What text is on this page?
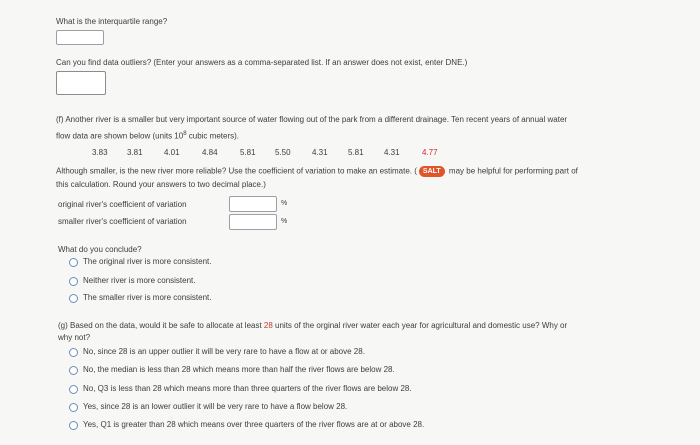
What is the interquartile range?
Can you find data outliers? (Enter your answers as a comma-separated list. If an answer does not exist, enter DNE.)
(f) Another river is a smaller but very important source of water flowing out of the park from a different drainage. Ten recent years of annual water
flow data are shown below (units $10^8$ cubic meters).
3.83	3.81	4.01	4.84	5.81	5.50	4.31	5.81	4.31	4.77
Although smaller, is the new river more reliable? Use the coefficient of variation to make an estimate. ( SALT may be helpful for performing part of
this calculation. Round your answers to two decimal place.)
original river's coefficient of variation	%
smaller river's coefficient of variation	%
What do you conclude?
The original river is more consistent.
Neither river is more consistent.
The smaller river is more consistent.
(g) Based on the data, would it be safe to allocate at least 28 units of the orginal river water each year for agricultural and domestic use? Why or
why not?
No, since 28 is an upper outlier it will be very rare to have a flow at or above 28.
No, the median is less than 28 which means more than half the river flows are below 28.
No, Q3 is less than 28 which means more than three quarters of the river flows are below 28.
Yes, since 28 is an lower outlier it will be very rare to have a flow below 28.
Yes, Q1 is greater than 28 which means over three quarters of the river flows are at or above 28.
